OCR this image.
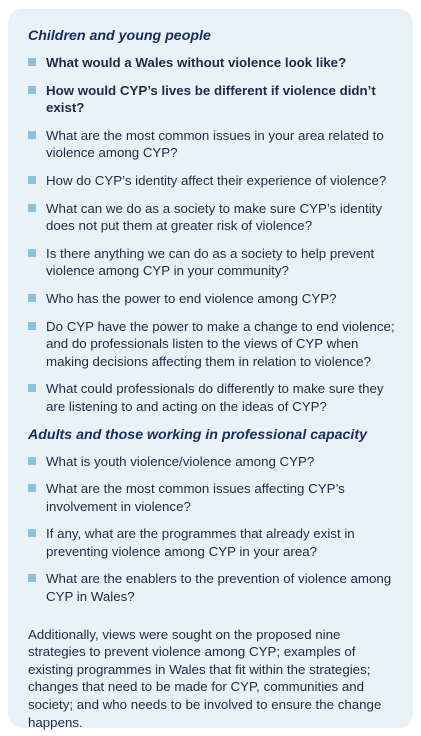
Children and young people
What would a Wales without violence look like?
How would CYP’s lives be different if violence didn’t exist?
What are the most common issues in your area related to violence among CYP?
How do CYP’s identity affect their experience of violence?
What can we do as a society to make sure CYP’s identity does not put them at greater risk of violence?
Is there anything we can do as a society to help prevent violence among CYP in your community?
Who has the power to end violence among CYP?
Do CYP have the power to make a change to end violence; and do professionals listen to the views of CYP when making decisions affecting them in relation to violence?
What could professionals do differently to make sure they are listening to and acting on the ideas of CYP?
Adults and those working in professional capacity
What is youth violence/violence among CYP?
What are the most common issues affecting CYP’s involvement in violence?
If any, what are the programmes that already exist in preventing violence among CYP in your area?
What are the enablers to the prevention of violence among CYP in Wales?
Additionally, views were sought on the proposed nine strategies to prevent violence among CYP; examples of existing programmes in Wales that fit within the strategies; changes that need to be made for CYP, communities and society; and who needs to be involved to ensure the change happens.
